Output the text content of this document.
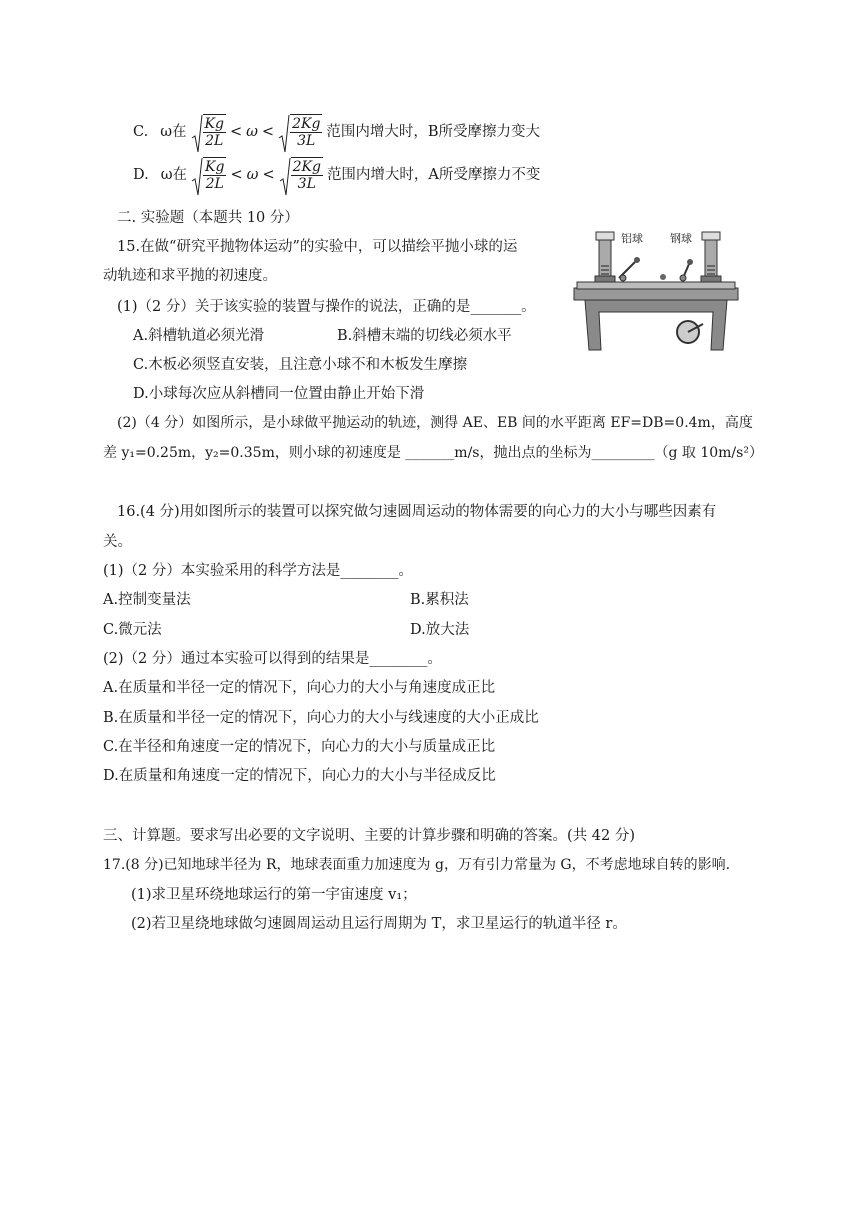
C. ω在 $\frac{Kg}{2L} < \omega < \frac{2Kg}{3L}$ 范围内增大时，B所受摩擦力变大
D. ω在 $\frac{Kg}{2L} < \omega < \frac{2Kg}{3L}$ 范围内增大时，A所受摩擦力不变
二. 实验题（本题共 10 分）
15.在做“研究平抛物体运动”的实验中，可以描绘平抛小球的运
动轨迹和求平抛的初速度。
(1)（2 分）关于该实验的装置与操作的说法，正确的是_______。
A.斜槽轨道必须光滑	B.斜槽末端的切线必须水平
C.木板必须竖直安装，且注意小球不和木板发生摩擦
D.小球每次应从斜槽同一位置由静止开始下滑
(2)（4 分）如图所示，是小球做平抛运动的轨迹，测得 AE、EB 间的水平距离 EF=DB=0.4m，高度
差 y₁=0.25m，y₂=0.35m，则小球的初速度是 _______m/s，抛出点的坐标为_________（g 取 10m/s²）
铝球 钢球
16.(4 分)用如图所示的装置可以探究做匀速圆周运动的物体需要的向心力的大小与哪些因素有
关。
(1)（2 分）本实验采用的科学方法是________。
A.控制变量法	B.累积法
C.微元法	D.放大法
(2)（2 分）通过本实验可以得到的结果是________。
A.在质量和半径一定的情况下，向心力的大小与角速度成正比
B.在质量和半径一定的情况下，向心力的大小与线速度的大小正成比
C.在半径和角速度一定的情况下，向心力的大小与质量成正比
D.在质量和角速度一定的情况下，向心力的大小与半径成反比
三、计算题。要求写出必要的文字说明、主要的计算步骤和明确的答案。(共 42 分)
17.(8 分)已知地球半径为 R，地球表面重力加速度为 g，万有引力常量为 G，不考虑地球自转的影响.
(1)求卫星环绕地球运行的第一宇宙速度 v₁；
(2)若卫星绕地球做匀速圆周运动且运行周期为 T，求卫星运行的轨道半径 r。
